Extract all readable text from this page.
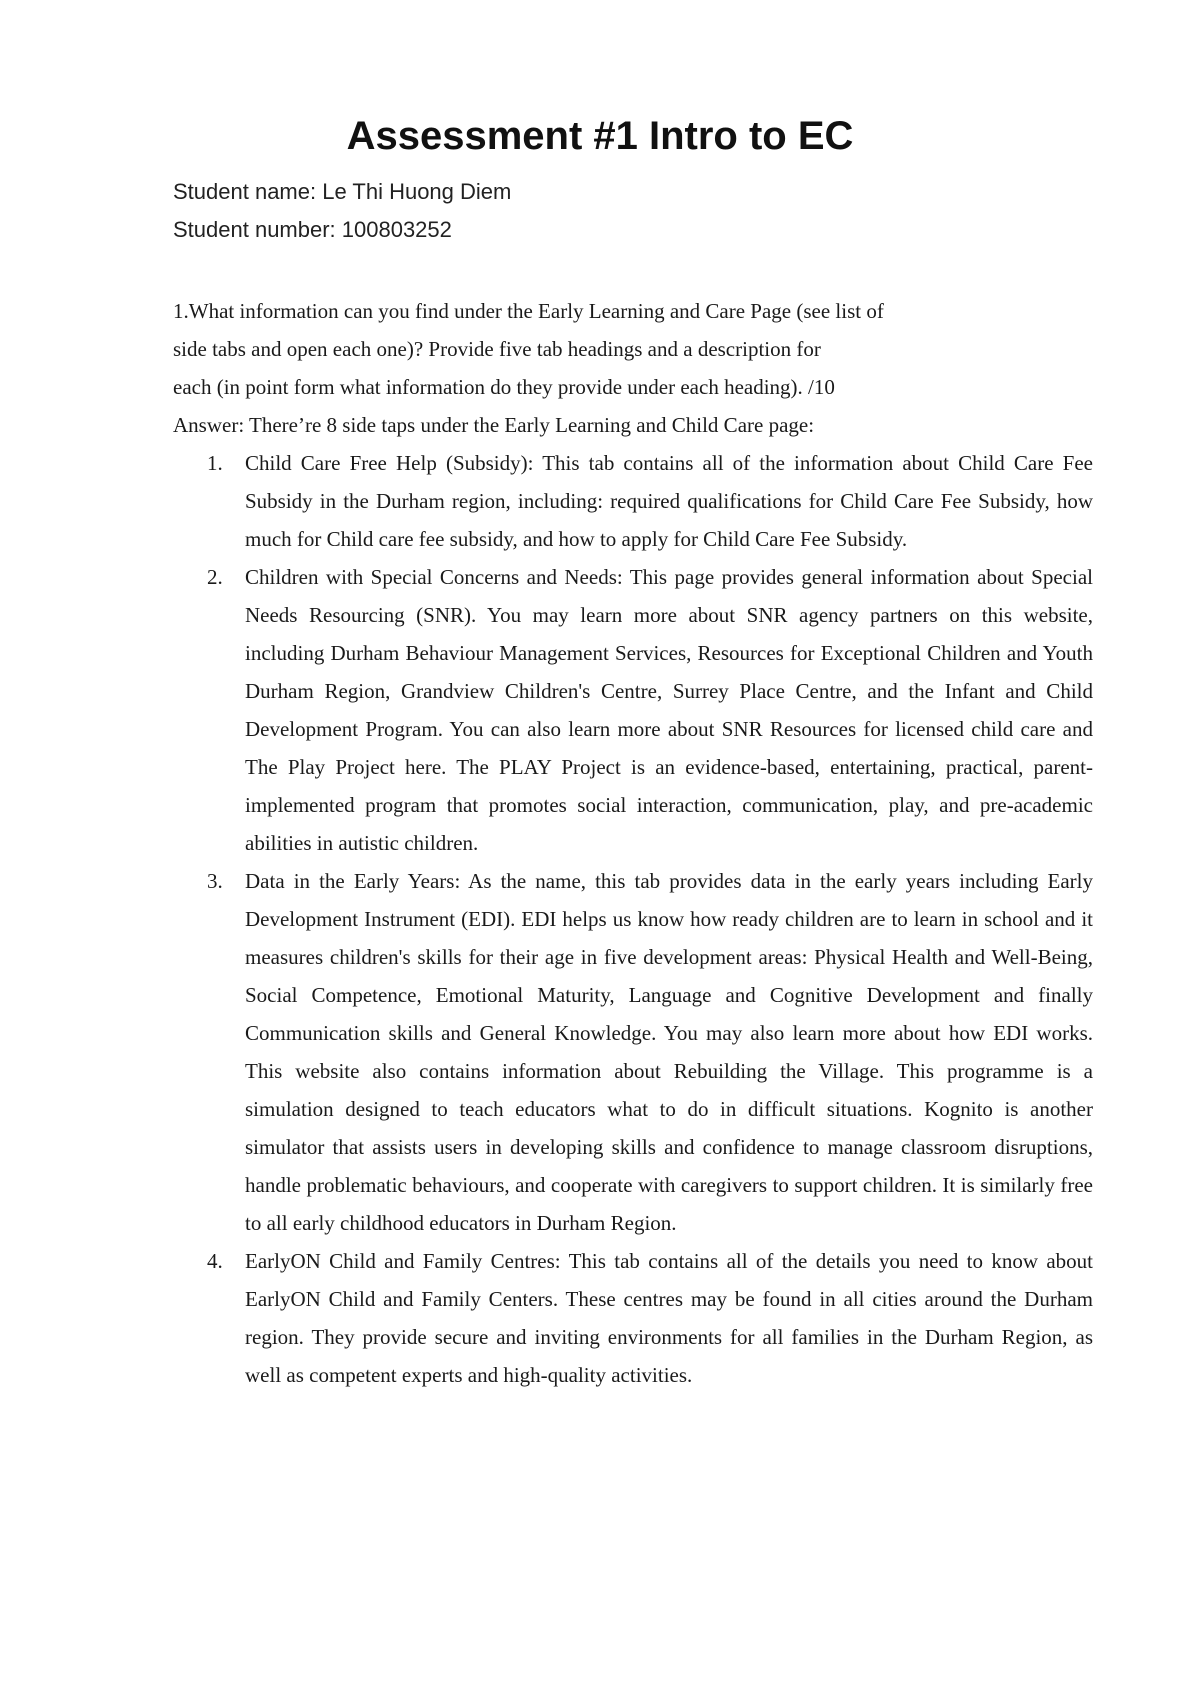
Assessment #1 Intro to EC
Student name: Le Thi Huong Diem
Student number: 100803252

1.What information can you find under the Early Learning and Care Page (see list of

side tabs and open each one)? Provide five tab headings and a description for

each (in point form what information do they provide under each heading). /10

Answer: There’re 8 side taps under the Early Learning and Child Care page:

1. Child Care Free Help (Subsidy): This tab contains all of the information about Child Care Fee Subsidy in the Durham region, including: required qualifications for Child Care Fee Subsidy, how much for Child care fee subsidy, and how to apply for Child Care Fee Subsidy.
2. Children with Special Concerns and Needs: This page provides general information about Special Needs Resourcing (SNR). You may learn more about SNR agency partners on this website, including Durham Behaviour Management Services, Resources for Exceptional Children and Youth Durham Region, Grandview Children's Centre, Surrey Place Centre, and the Infant and Child Development Program. You can also learn more about SNR Resources for licensed child care and The Play Project here. The PLAY Project is an evidence-based, entertaining, practical, parent-implemented program that promotes social interaction, communication, play, and pre-academic abilities in autistic children.
3. Data in the Early Years: As the name, this tab provides data in the early years including Early Development Instrument (EDI). EDI helps us know how ready children are to learn in school and it measures children's skills for their age in five development areas: Physical Health and Well-Being, Social Competence, Emotional Maturity, Language and Cognitive Development and finally Communication skills and General Knowledge. You may also learn more about how EDI works. This website also contains information about Rebuilding the Village. This programme is a simulation designed to teach educators what to do in difficult situations. Kognito is another simulator that assists users in developing skills and confidence to manage classroom disruptions, handle problematic behaviours, and cooperate with caregivers to support children. It is similarly free to all early childhood educators in Durham Region.
4. EarlyON Child and Family Centres: This tab contains all of the details you need to know about EarlyON Child and Family Centers. These centres may be found in all cities around the Durham region. They provide secure and inviting environments for all families in the Durham Region, as well as competent experts and high-quality activities.
